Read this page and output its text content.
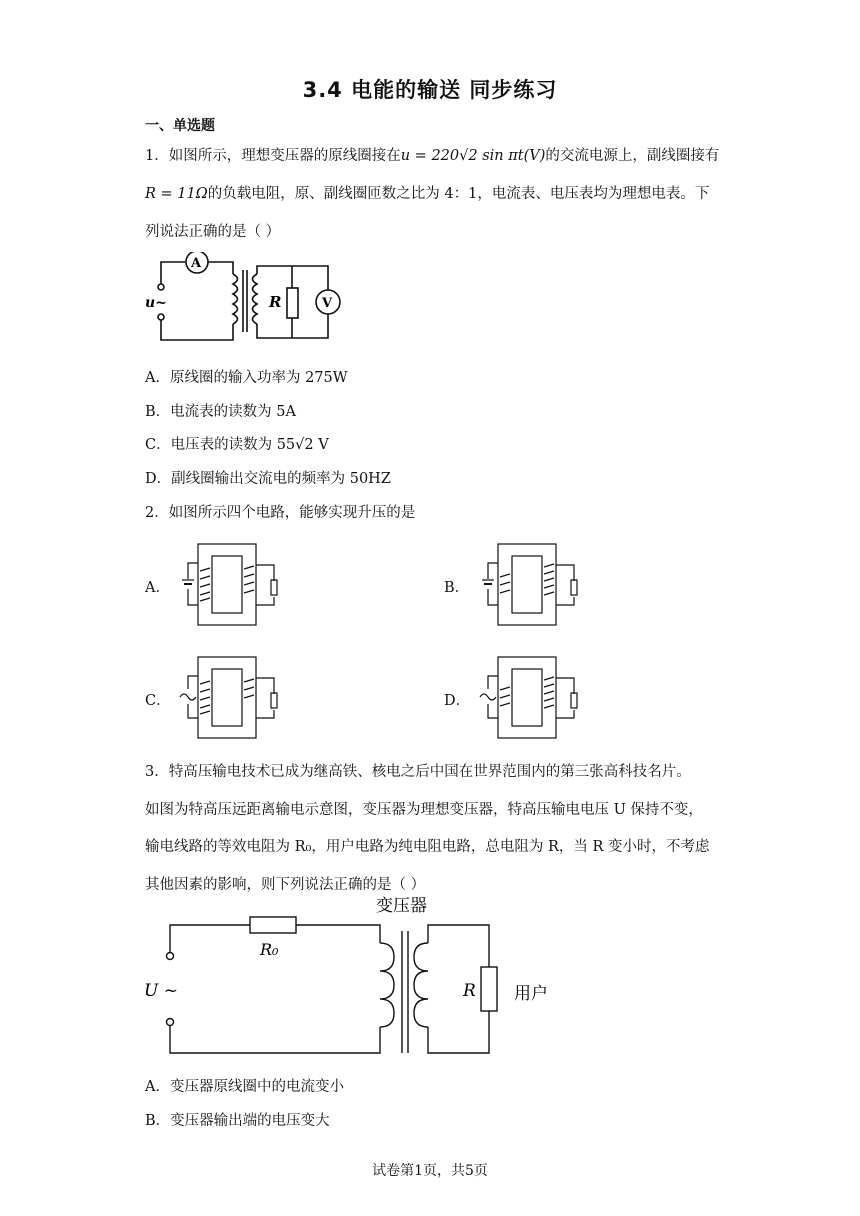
3.4 电能的输送 同步练习
一、单选题
1．如图所示，理想变压器的原线圈接在u = 220√2 sin πt(V)的交流电源上，副线圈接有
R = 11Ω的负载电阻，原、副线圈匝数之比为 4：1，电流表、电压表均为理想电表。下
列说法正确的是（ ）
A
V
R
u~
A．原线圈的输入功率为 275W
B．电流表的读数为 5A
C．电压表的读数为 55√2 V
D．副线圈输出交流电的频率为 50HZ
2．如图所示四个电路，能够实现升压的是
A．	B．
C．	D．
3．特高压输电技术已成为继高铁、核电之后中国在世界范围内的第三张高科技名片。
如图为特高压远距离输电示意图，变压器为理想变压器，特高压输电电压 U 保持不变，
输电线路的等效电阻为 R₀，用户电路为纯电阻电路，总电阻为 R，当 R 变小时，不考虑
其他因素的影响，则下列说法正确的是（ ）
变压器
R₀
U ~	R 用户
A．变压器原线圈中的电流变小
B．变压器输出端的电压变大
试卷第1页，共5页
